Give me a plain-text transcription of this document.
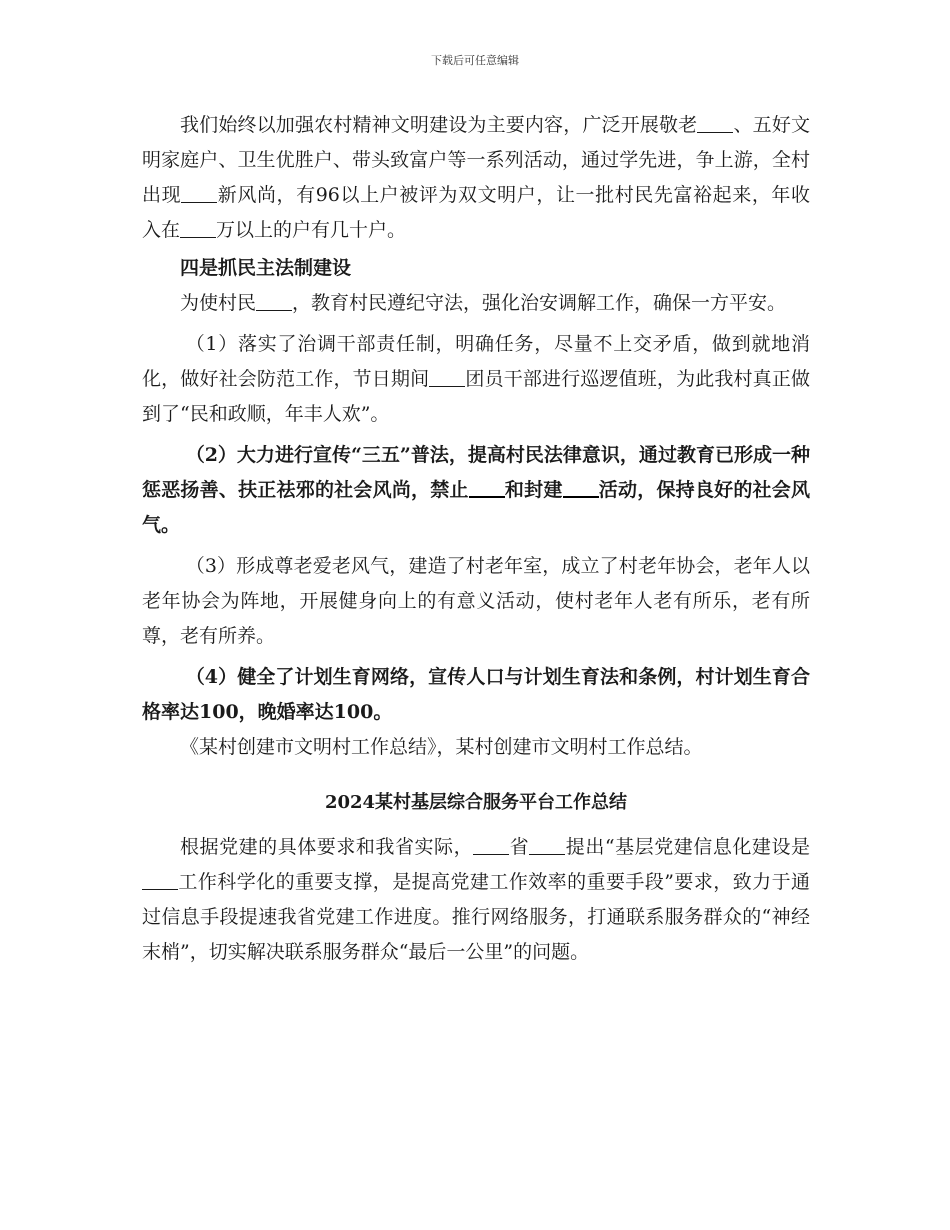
下载后可任意编辑

我们始终以加强农村精神文明建设为主要内容，广泛开展敬老 、五好文明家庭户、卫生优胜户、带头致富户等一系列活动，通过学先进，争上游，全村出现 新风尚，有96以上户被评为双文明户，让一批村民先富裕起来，年收入在 万以上的户有几十户。

四是抓民主法制建设

为使村民 ，教育村民遵纪守法，强化治安调解工作，确保一方平安。

（1）落实了治调干部责任制，明确任务，尽量不上交矛盾，做到就地消化，做好社会防范工作，节日期间 团员干部进行巡逻值班，为此我村真正做到了“民和政顺，年丰人欢”。

（2）大力进行宣传“三五”普法，提高村民法律意识，通过教育已形成一种惩恶扬善、扶正祛邪的社会风尚，禁止 和封建 活动，保持良好的社会风气。

（3）形成尊老爱老风气，建造了村老年室，成立了村老年协会，老年人以老年协会为阵地，开展健身向上的有意义活动，使村老年人老有所乐，老有所尊，老有所养。

（4）健全了计划生育网络，宣传人口与计划生育法和条例，村计划生育合格率达100，晚婚率达100。

《某村创建市文明村工作总结》，某村创建市文明村工作总结。

2024某村基层综合服务平台工作总结

根据党建的具体要求和我省实际， 省 提出“基层党建信息化建设是工作科学化的重要支撑，是提高党建工作效率的重要手段”要求，致力于通过信息手段提速我省党建工作进度。推行网络服务，打通联系服务群众的“神经末梢”，切实解决联系服务群众“最后一公里”的问题。
